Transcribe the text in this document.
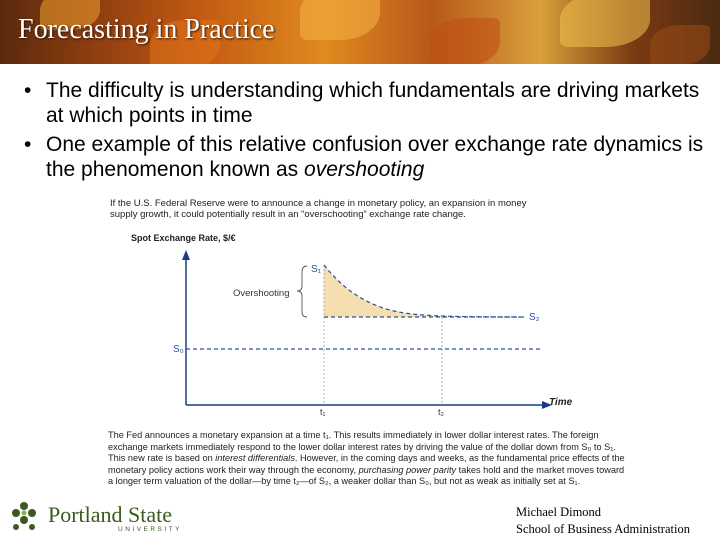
Forecasting in Practice
• The difficulty is understanding which fundamentals are driving markets at which points in time
• One example of this relative confusion over exchange rate dynamics is the phenomenon known as overshooting
If the U.S. Federal Reserve were to announce a change in monetary policy, an expansion in money supply growth, it could potentially result in an “overschooting” exchange rate change.
Spot Exchange Rate, $/€
Overshooting
S₁
S₂
S₀
Time
t₁	t₂
The Fed announces a monetary expansion at a time t₁. This results immediately in lower dollar interest rates. The foreign exchange markets immediately respond to the lower dollar interest rates by driving the value of the dollar down from S₀ to S₁. This new rate is based on interest differentials. However, in the coming days and weeks, as the fundamental price effects of the monetary policy actions work their way through the economy, purchasing power parity takes hold and the market moves toward a longer term valuation of the dollar—by time t₂—of S₂, a weaker dollar than S₀, but not as weak as initially set at S₁.
Portland State
UNIVERSITY
Michael Dimond
School of Business Administration
